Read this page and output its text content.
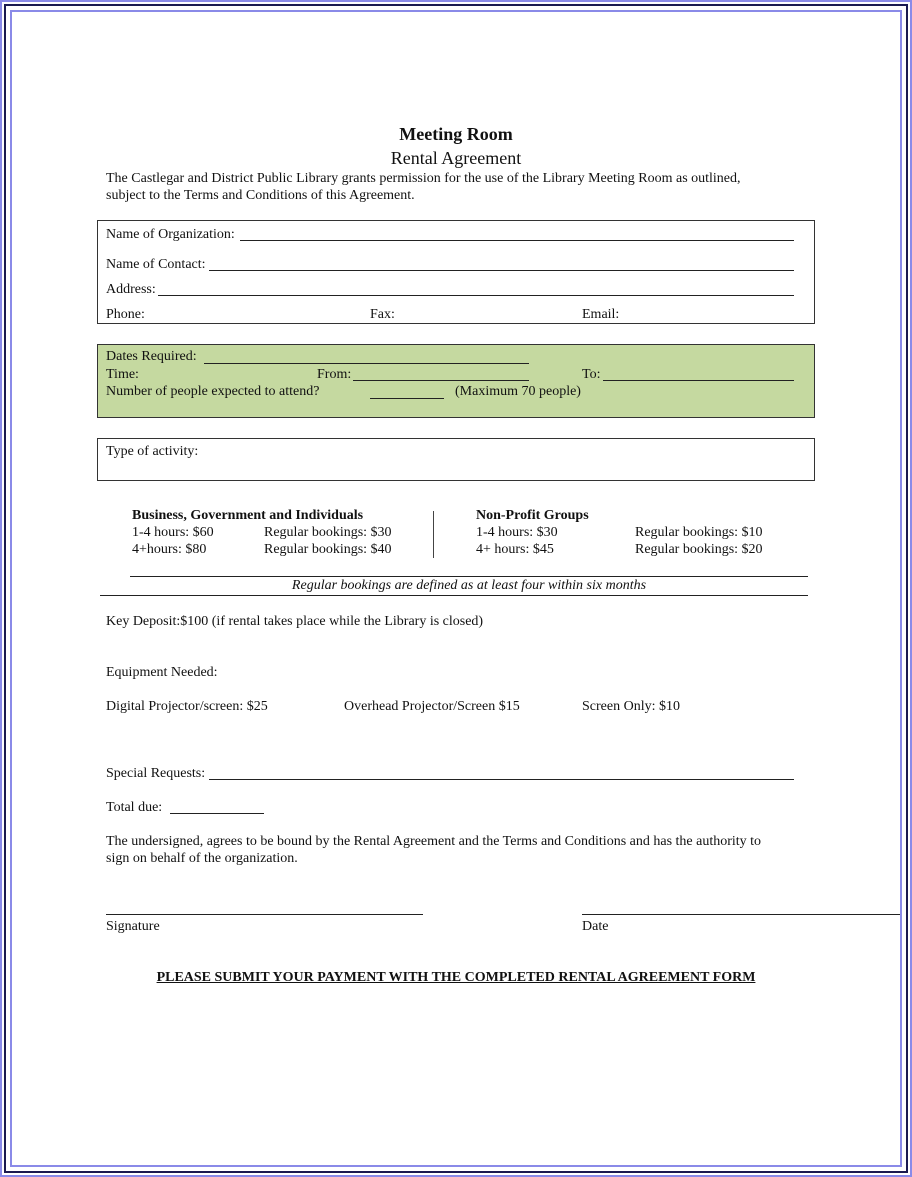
Meeting Room
Rental Agreement
The Castlegar and District Public Library grants permission for the use of the Library Meeting Room as outlined,
subject to the Terms and Conditions of this Agreement.
Name of Organization:
Name of Contact:
Address:
Phone:	Fax:	Email:
Dates Required:
Time:	From:	To:
Number of people expected to attend?	(Maximum 70 people)
Type of activity:
Business, Government and Individuals
1-4 hours: $60	Regular bookings: $30
4+hours: $80	Regular bookings: $40
Non-Profit Groups
1-4 hours: $30	Regular bookings: $10
4+ hours: $45	Regular bookings: $20
Regular bookings are defined as at least four within six months
Key Deposit:$100 (if rental takes place while the Library is closed)
Equipment Needed:
Digital Projector/screen: $25	Overhead Projector/Screen $15	Screen Only: $10
Special Requests:
Total due:
The undersigned, agrees to be bound by the Rental Agreement and the Terms and Conditions and has the authority to
sign on behalf of the organization.
Signature	Date
PLEASE SUBMIT YOUR PAYMENT WITH THE COMPLETED RENTAL AGREEMENT FORM
